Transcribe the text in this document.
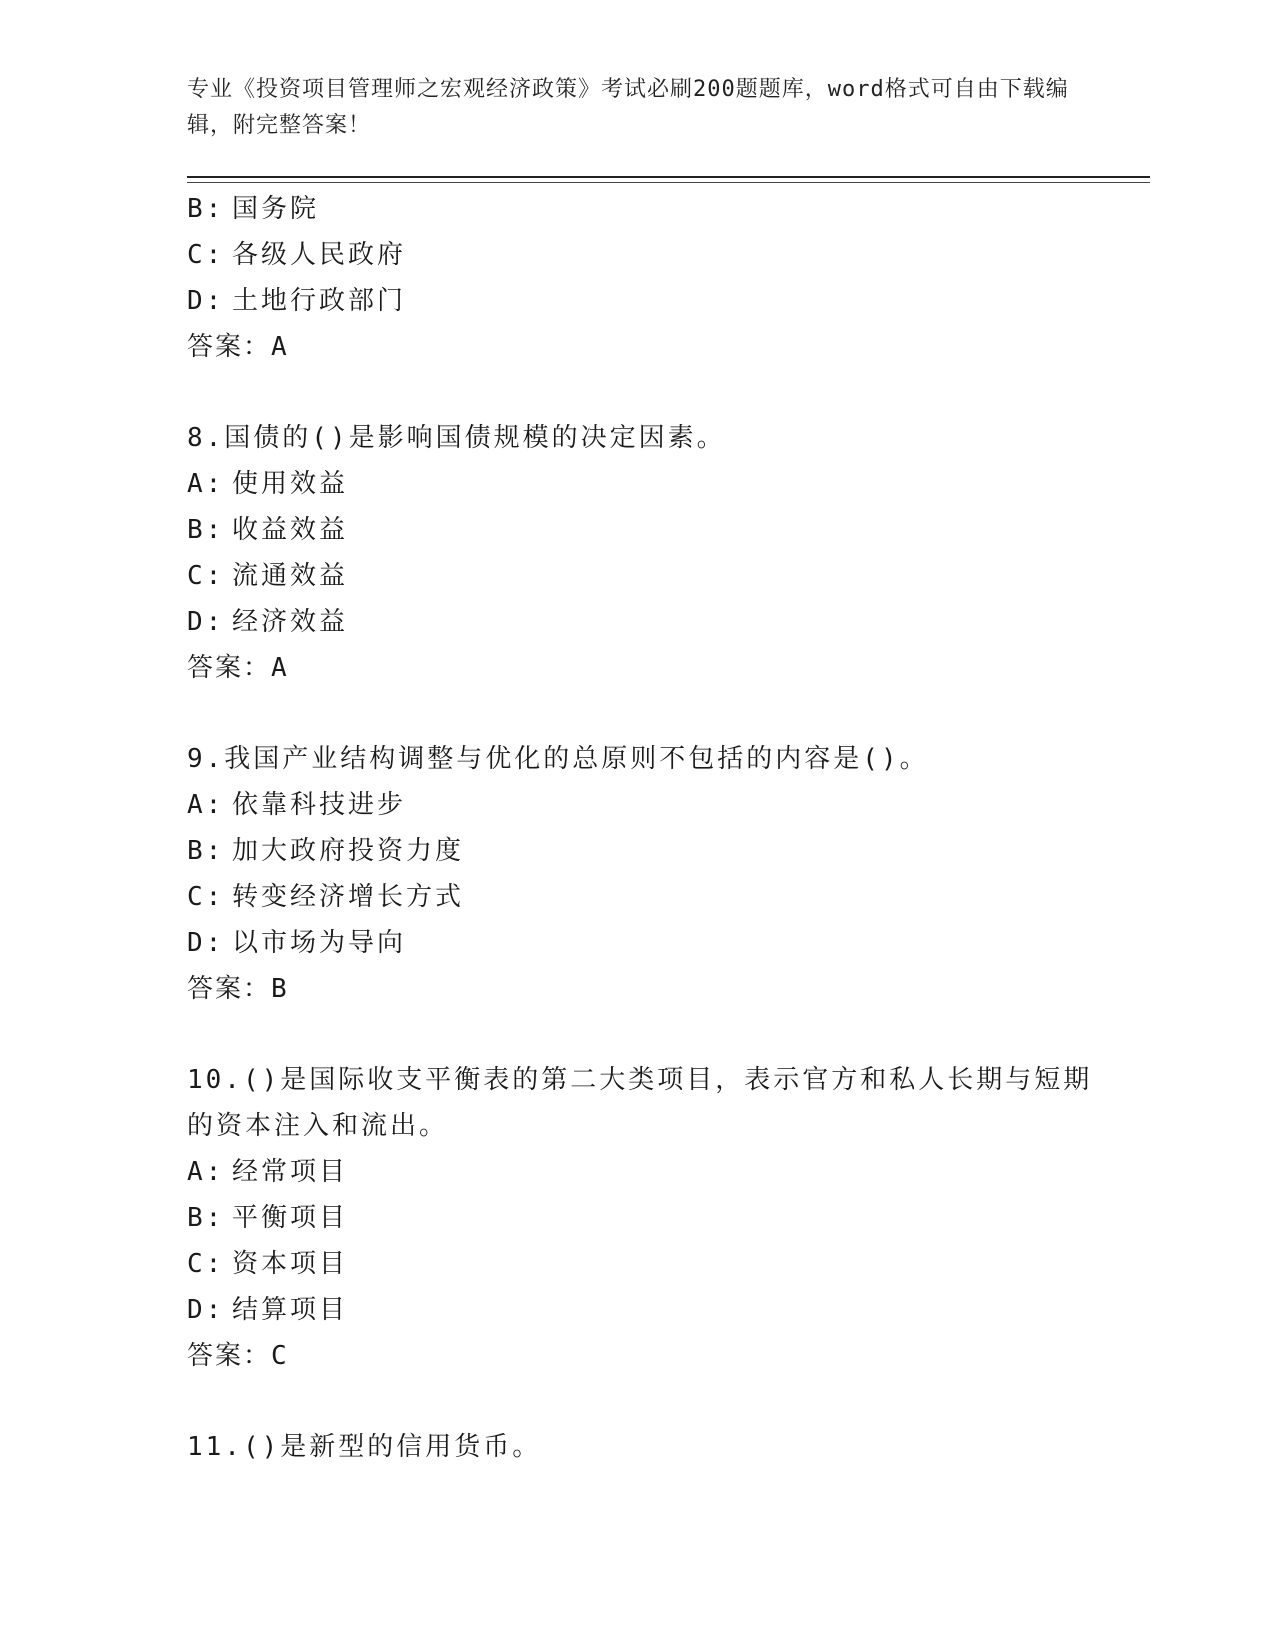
专业《投资项目管理师之宏观经济政策》考试必刷200题题库，word格式可自由下载编辑，附完整答案！
B: 国务院
C: 各级人民政府
D: 土地行政部门
答案：A
8.国债的()是影响国债规模的决定因素。
A: 使用效益
B: 收益效益
C: 流通效益
D: 经济效益
答案：A
9.我国产业结构调整与优化的总原则不包括的内容是()。
A: 依靠科技进步
B: 加大政府投资力度
C: 转变经济增长方式
D: 以市场为导向
答案：B
10.()是国际收支平衡表的第二大类项目，表示官方和私人长期与短期
的资本注入和流出。
A: 经常项目
B: 平衡项目
C: 资本项目
D: 结算项目
答案：C
11.()是新型的信用货币。
